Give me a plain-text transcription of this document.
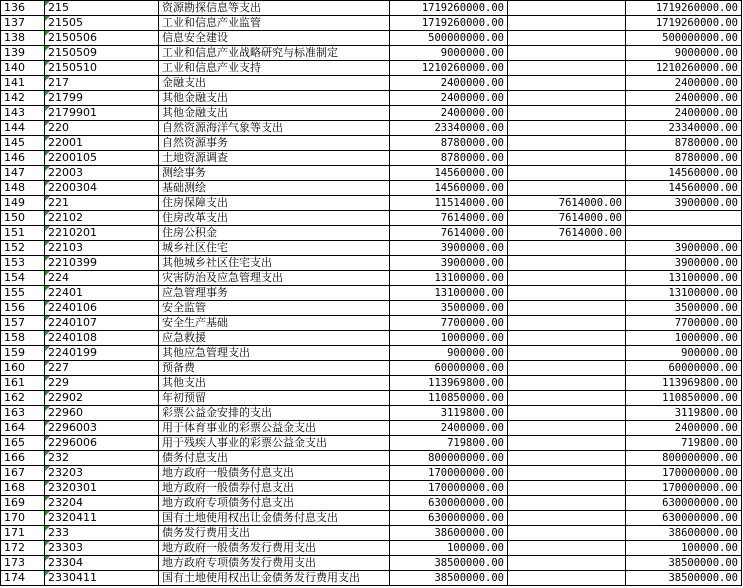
136	215	资源勘探信息等支出	1719260000.00		1719260000.00
137	21505	工业和信息产业监管	1719260000.00		1719260000.00
138	2150506	信息安全建设	500000000.00		500000000.00
139	2150509	工业和信息产业战略研究与标准制定	9000000.00		9000000.00
140	2150510	工业和信息产业支持	1210260000.00		1210260000.00
141	217	金融支出	2400000.00		2400000.00
142	21799	其他金融支出	2400000.00		2400000.00
143	2179901	其他金融支出	2400000.00		2400000.00
144	220	自然资源海洋气象等支出	23340000.00		23340000.00
145	22001	自然资源事务	8780000.00		8780000.00
146	2200105	土地资源调查	8780000.00		8780000.00
147	22003	测绘事务	14560000.00		14560000.00
148	2200304	基础测绘	14560000.00		14560000.00
149	221	住房保障支出	11514000.00	7614000.00	3900000.00
150	22102	住房改革支出	7614000.00	7614000.00	
151	2210201	住房公积金	7614000.00	7614000.00	
152	22103	城乡社区住宅	3900000.00		3900000.00
153	2210399	其他城乡社区住宅支出	3900000.00		3900000.00
154	224	灾害防治及应急管理支出	13100000.00		13100000.00
155	22401	应急管理事务	13100000.00		13100000.00
156	2240106	安全监管	3500000.00		3500000.00
157	2240107	安全生产基础	7700000.00		7700000.00
158	2240108	应急救援	1000000.00		1000000.00
159	2240199	其他应急管理支出	900000.00		900000.00
160	227	预备费	60000000.00		60000000.00
161	229	其他支出	113969800.00		113969800.00
162	22902	年初预留	110850000.00		110850000.00
163	22960	彩票公益金安排的支出	3119800.00		3119800.00
164	2296003	用于体育事业的彩票公益金支出	2400000.00		2400000.00
165	2296006	用于残疾人事业的彩票公益金支出	719800.00		719800.00
166	232	债务付息支出	800000000.00		800000000.00
167	23203	地方政府一般债务付息支出	170000000.00		170000000.00
168	2320301	地方政府一般债券付息支出	170000000.00		170000000.00
169	23204	地方政府专项债务付息支出	630000000.00		630000000.00
170	2320411	国有土地使用权出让金债务付息支出	630000000.00		630000000.00
171	233	债务发行费用支出	38600000.00		38600000.00
172	23303	地方政府一般债务发行费用支出	100000.00		100000.00
173	23304	地方政府专项债务发行费用支出	38500000.00		38500000.00
174	2330411	国有土地使用权出让金债务发行费用支出	38500000.00		38500000.00
